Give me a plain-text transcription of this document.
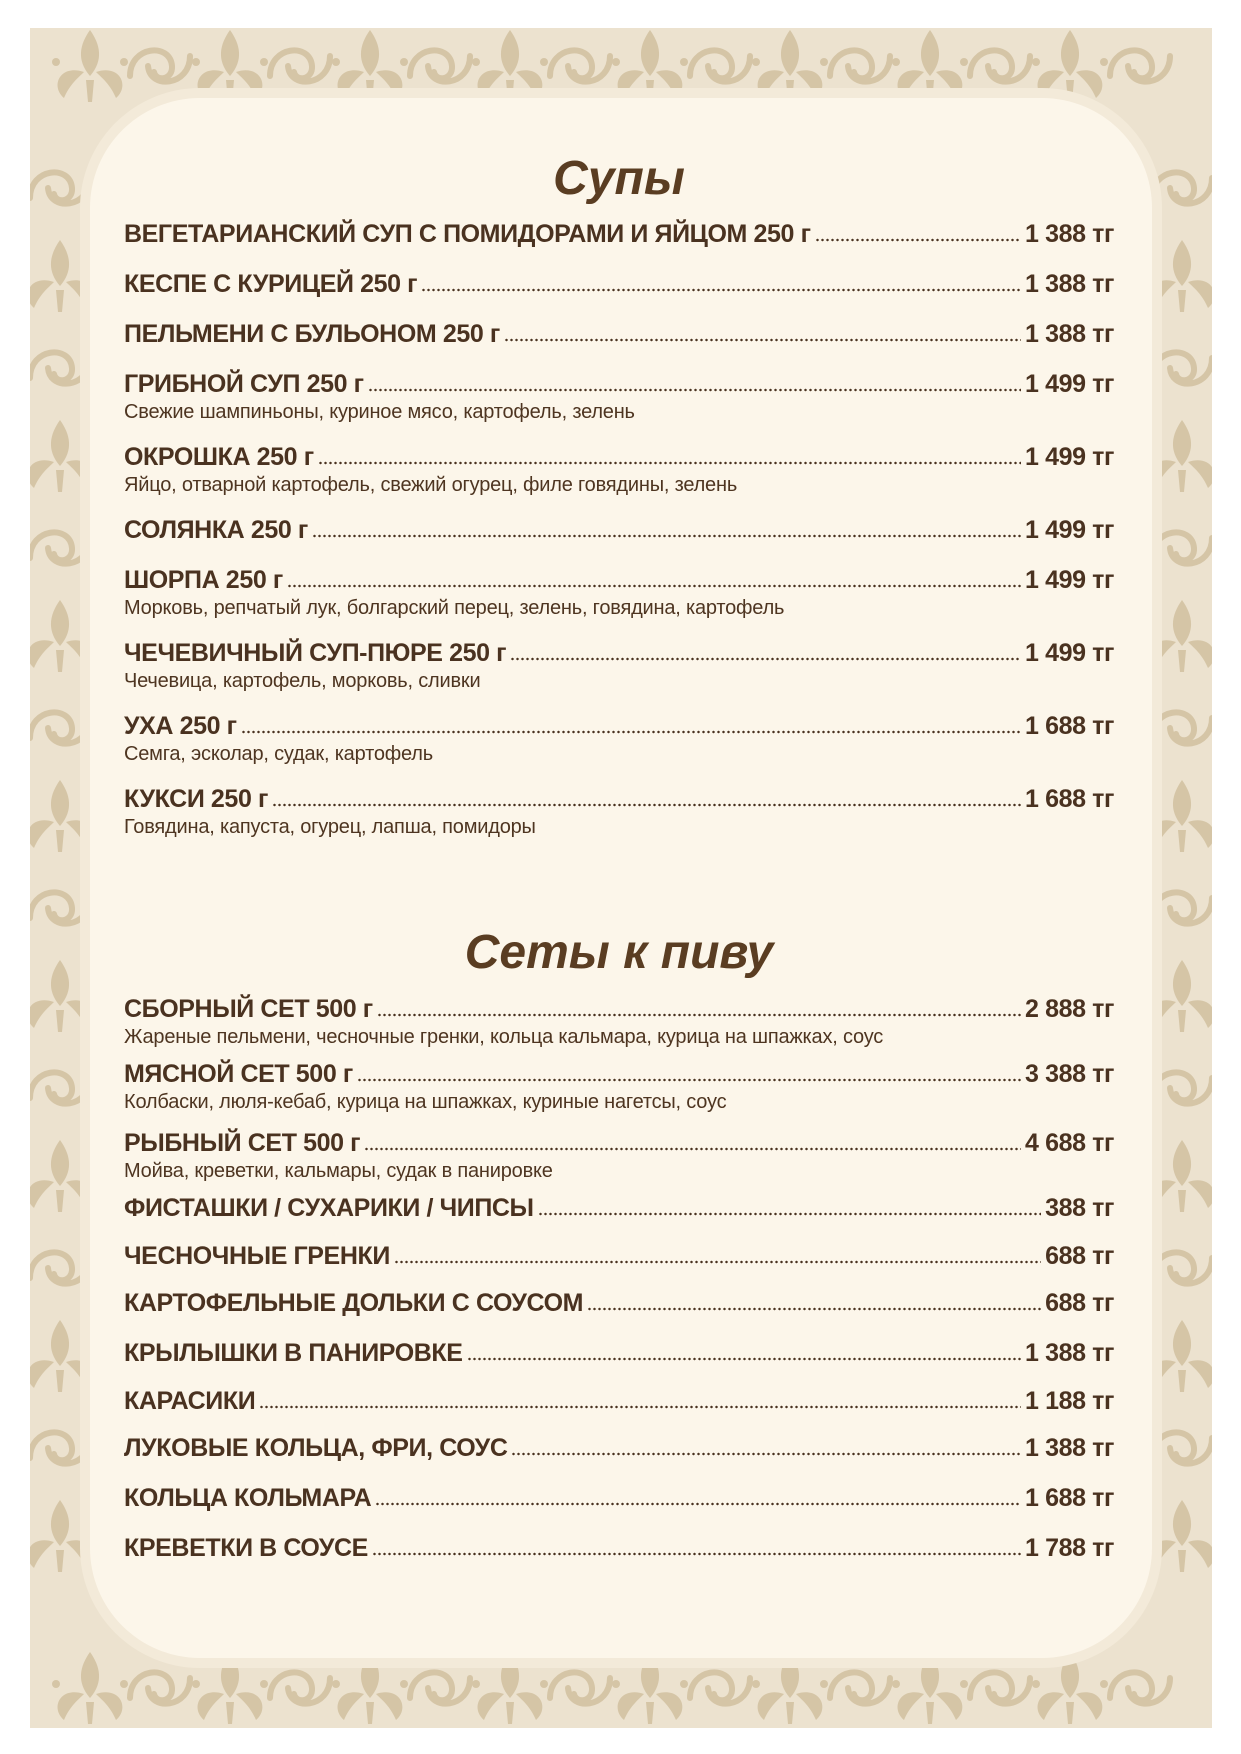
Супы
ВЕГЕТАРИАНСКИЙ СУП С ПОМИДОРАМИ И ЯЙЦОМ 250 г	1 388 тг
КЕСПЕ С КУРИЦЕЙ 250 г	1 388 тг
ПЕЛЬМЕНИ С БУЛЬОНОМ 250 г	1 388 тг
ГРИБНОЙ СУП 250 г	1 499 тг
Свежие шампиньоны, куриное мясо, картофель, зелень
ОКРОШКА 250 г	1 499 тг
Яйцо, отварной картофель, свежий огурец, филе говядины, зелень
СОЛЯНКА 250 г	1 499 тг
ШОРПА 250 г	1 499 тг
Морковь, репчатый лук, болгарский перец, зелень, говядина, картофель
ЧЕЧЕВИЧНЫЙ СУП-ПЮРЕ 250 г	1 499 тг
Чечевица, картофель, морковь, сливки
УХА 250 г	1 688 тг
Семга, эсколар, судак, картофель
КУКСИ 250 г	1 688 тг
Говядина, капуста, огурец, лапша, помидоры
Сеты к пиву
СБОРНЫЙ СЕТ 500 г	2 888 тг
Жареные пельмени, чесночные гренки, кольца кальмара, курица на шпажках, соус
МЯСНОЙ СЕТ 500 г	3 388 тг
Колбаски, люля-кебаб, курица на шпажках, куриные нагетсы, соус
РЫБНЫЙ СЕТ 500 г	4 688 тг
Мойва, креветки, кальмары, судак в панировке
ФИСТАШКИ / СУХАРИКИ / ЧИПСЫ	388 тг
ЧЕСНОЧНЫЕ ГРЕНКИ	688 тг
КАРТОФЕЛЬНЫЕ ДОЛЬКИ С СОУСОМ	688 тг
КРЫЛЫШКИ В ПАНИРОВКЕ	1 388 тг
КАРАСИКИ	1 188 тг
ЛУКОВЫЕ КОЛЬЦА, ФРИ, СОУС	1 388 тг
КОЛЬЦА КОЛЬМАРА	1 688 тг
КРЕВЕТКИ В СОУСЕ	1 788 тг
